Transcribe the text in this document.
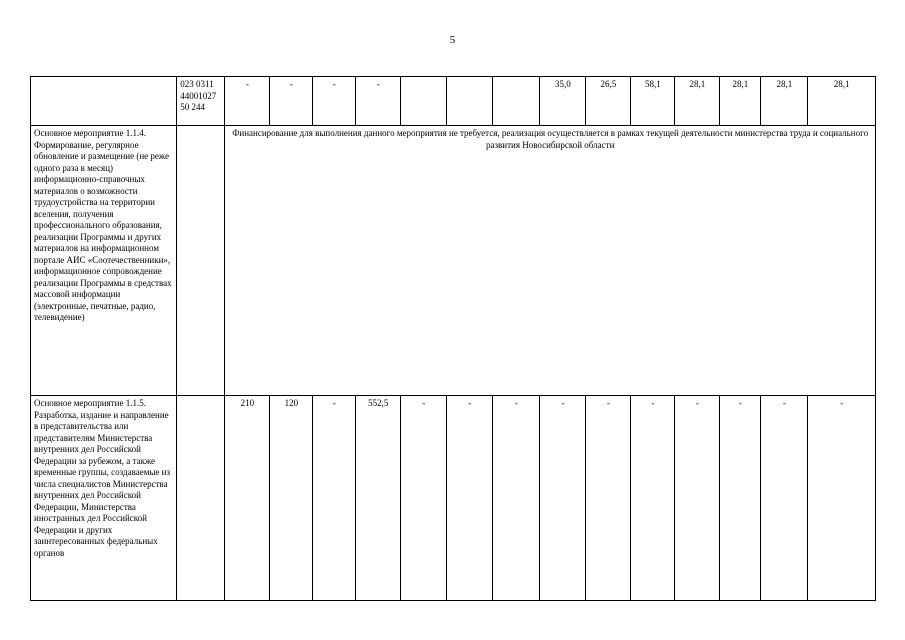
5
	023 0311 44001027 50 244	-	-	-	-				35,0	26,5	58,1	28,1	28,1	28,1	28,1
Основное мероприятие 1.1.4. Формирование, регулярное обновление и размещение (не реже одного раза в месяц) информационно-справочных материалов о возможности трудоустройства на территории вселения, получения профессионального образования, реализации Программы и других материалов на информационном портале АИС «Соотечественники», информационное сопровождение реализации Программы в средствах массовой информации (электронные, печатные, радио, телевидение)		Финансирование для выполнения данного мероприятия не требуется, реализация осуществляется в рамках текущей деятельности министерства труда и социального развития Новосибирской области													
Основное мероприятие 1.1.5. Разработка, издание и направление в представительства или представителям Министерства внутренних дел Российской Федерации за рубежом, а также временные группы, создаваемые из числа специалистов Министерства внутренних дел Российской Федерации, Министерства иностранных дел Российской Федерации и других заинтересованных федеральных органов		210	120	-	552,5	-	-	-	-	-	-	-	-	-	-
